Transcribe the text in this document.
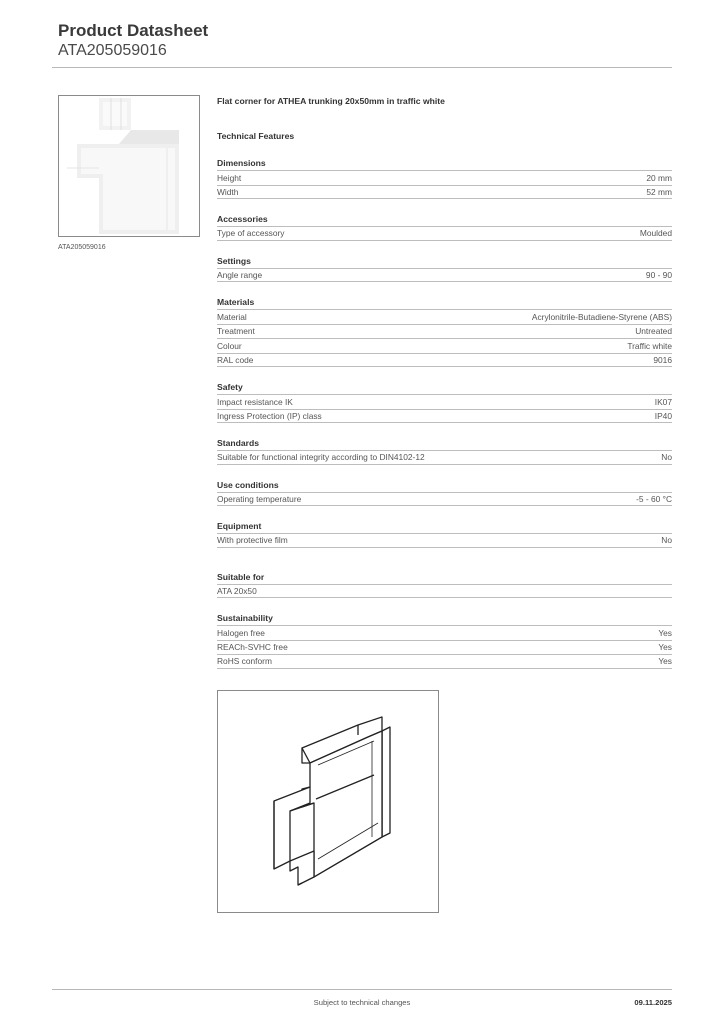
Product Datasheet
ATA205059016
ATA205059016
Flat corner for ATHEA trunking 20x50mm in traffic white
Technical Features
Dimensions
Height	20 mm
Width	52 mm
Accessories
Type of accessory	Moulded
Settings
Angle range	90 - 90
Materials
Material	Acrylonitrile-Butadiene-Styrene (ABS)
Treatment	Untreated
Colour	Traffic white
RAL code	9016
Safety
Impact resistance IK	IK07
Ingress Protection (IP) class	IP40
Standards
Suitable for functional integrity according to DIN4102-12	No
Use conditions
Operating temperature	-5 - 60 °C
Equipment
With protective film	No
Suitable for
ATA 20x50
Sustainability
Halogen free	Yes
REACh-SVHC free	Yes
RoHS conform	Yes
Subject to technical changes	09.11.2025
